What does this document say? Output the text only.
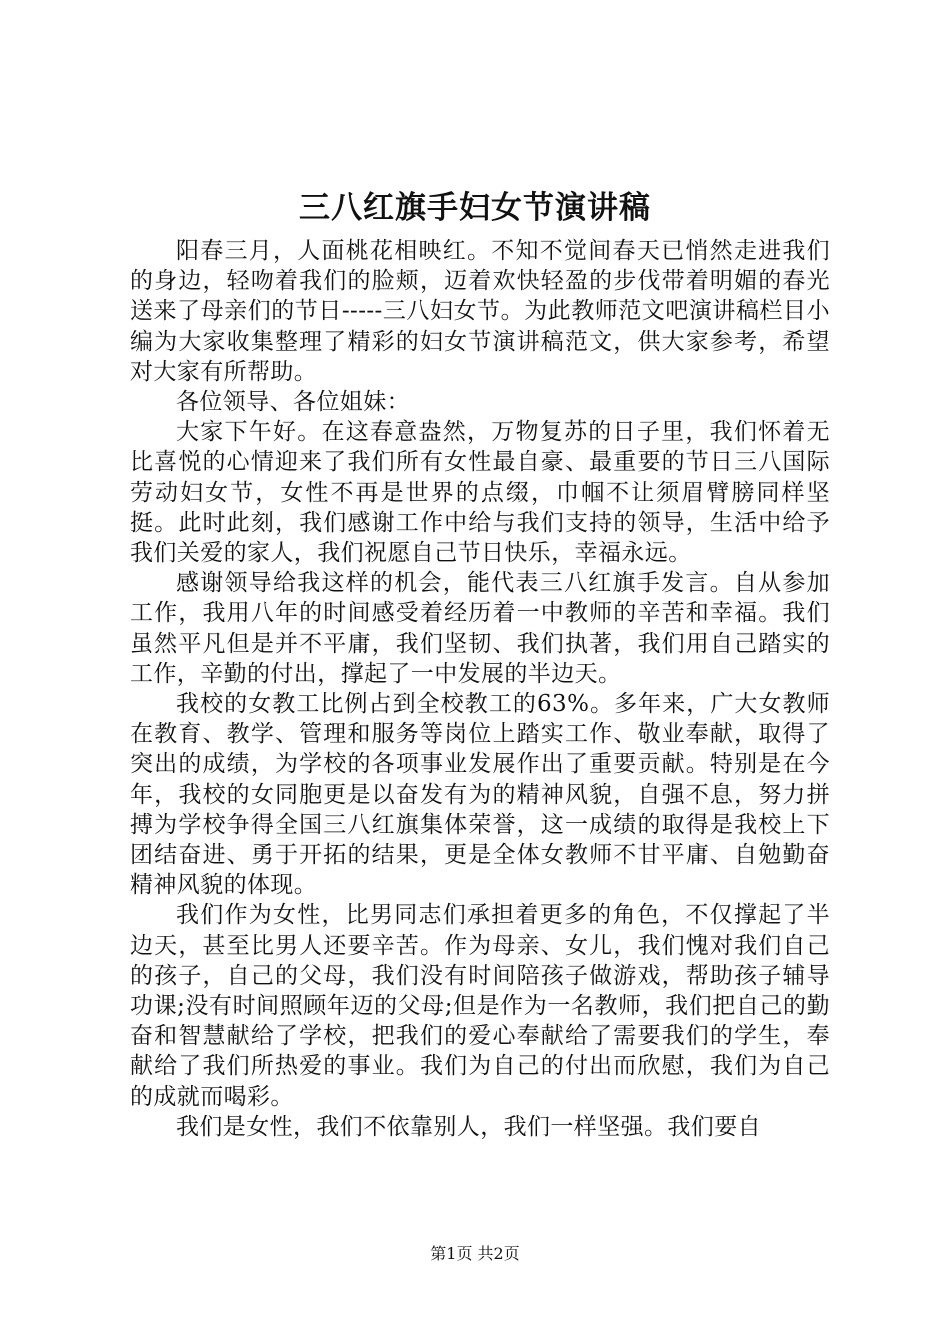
三八红旗手妇女节演讲稿

阳春三月，人面桃花相映红。不知不觉间春天已悄然走进我们的身边，轻吻着我们的脸颊，迈着欢快轻盈的步伐带着明媚的春光送来了母亲们的节日-----三八妇女节。为此教师范文吧演讲稿栏目小编为大家收集整理了精彩的妇女节演讲稿范文，供大家参考，希望对大家有所帮助。

各位领导、各位姐妹：

大家下午好。在这春意盎然，万物复苏的日子里，我们怀着无比喜悦的心情迎来了我们所有女性最自豪、最重要的节日三八国际劳动妇女节，女性不再是世界的点缀，巾帼不让须眉臂膀同样坚挺。此时此刻，我们感谢工作中给与我们支持的领导，生活中给予我们关爱的家人，我们祝愿自己节日快乐，幸福永远。

感谢领导给我这样的机会，能代表三八红旗手发言。自从参加工作，我用八年的时间感受着经历着一中教师的辛苦和幸福。我们虽然平凡但是并不平庸，我们坚韧、我们执著，我们用自己踏实的工作，辛勤的付出，撑起了一中发展的半边天。

我校的女教工比例占到全校教工的63%。多年来，广大女教师在教育、教学、管理和服务等岗位上踏实工作、敬业奉献，取得了突出的成绩，为学校的各项事业发展作出了重要贡献。特别是在今年，我校的女同胞更是以奋发有为的精神风貌，自强不息，努力拼搏为学校争得全国三八红旗集体荣誉，这一成绩的取得是我校上下团结奋进、勇于开拓的结果，更是全体女教师不甘平庸、自勉勤奋精神风貌的体现。

我们作为女性，比男同志们承担着更多的角色，不仅撑起了半边天，甚至比男人还要辛苦。作为母亲、女儿，我们愧对我们自己的孩子，自己的父母，我们没有时间陪孩子做游戏，帮助孩子辅导功课;没有时间照顾年迈的父母;但是作为一名教师，我们把自己的勤奋和智慧献给了学校，把我们的爱心奉献给了需要我们的学生，奉献给了我们所热爱的事业。我们为自己的付出而欣慰，我们为自己的成就而喝彩。

我们是女性，我们不依靠别人，我们一样坚强。我们要自

第1页 共2页
